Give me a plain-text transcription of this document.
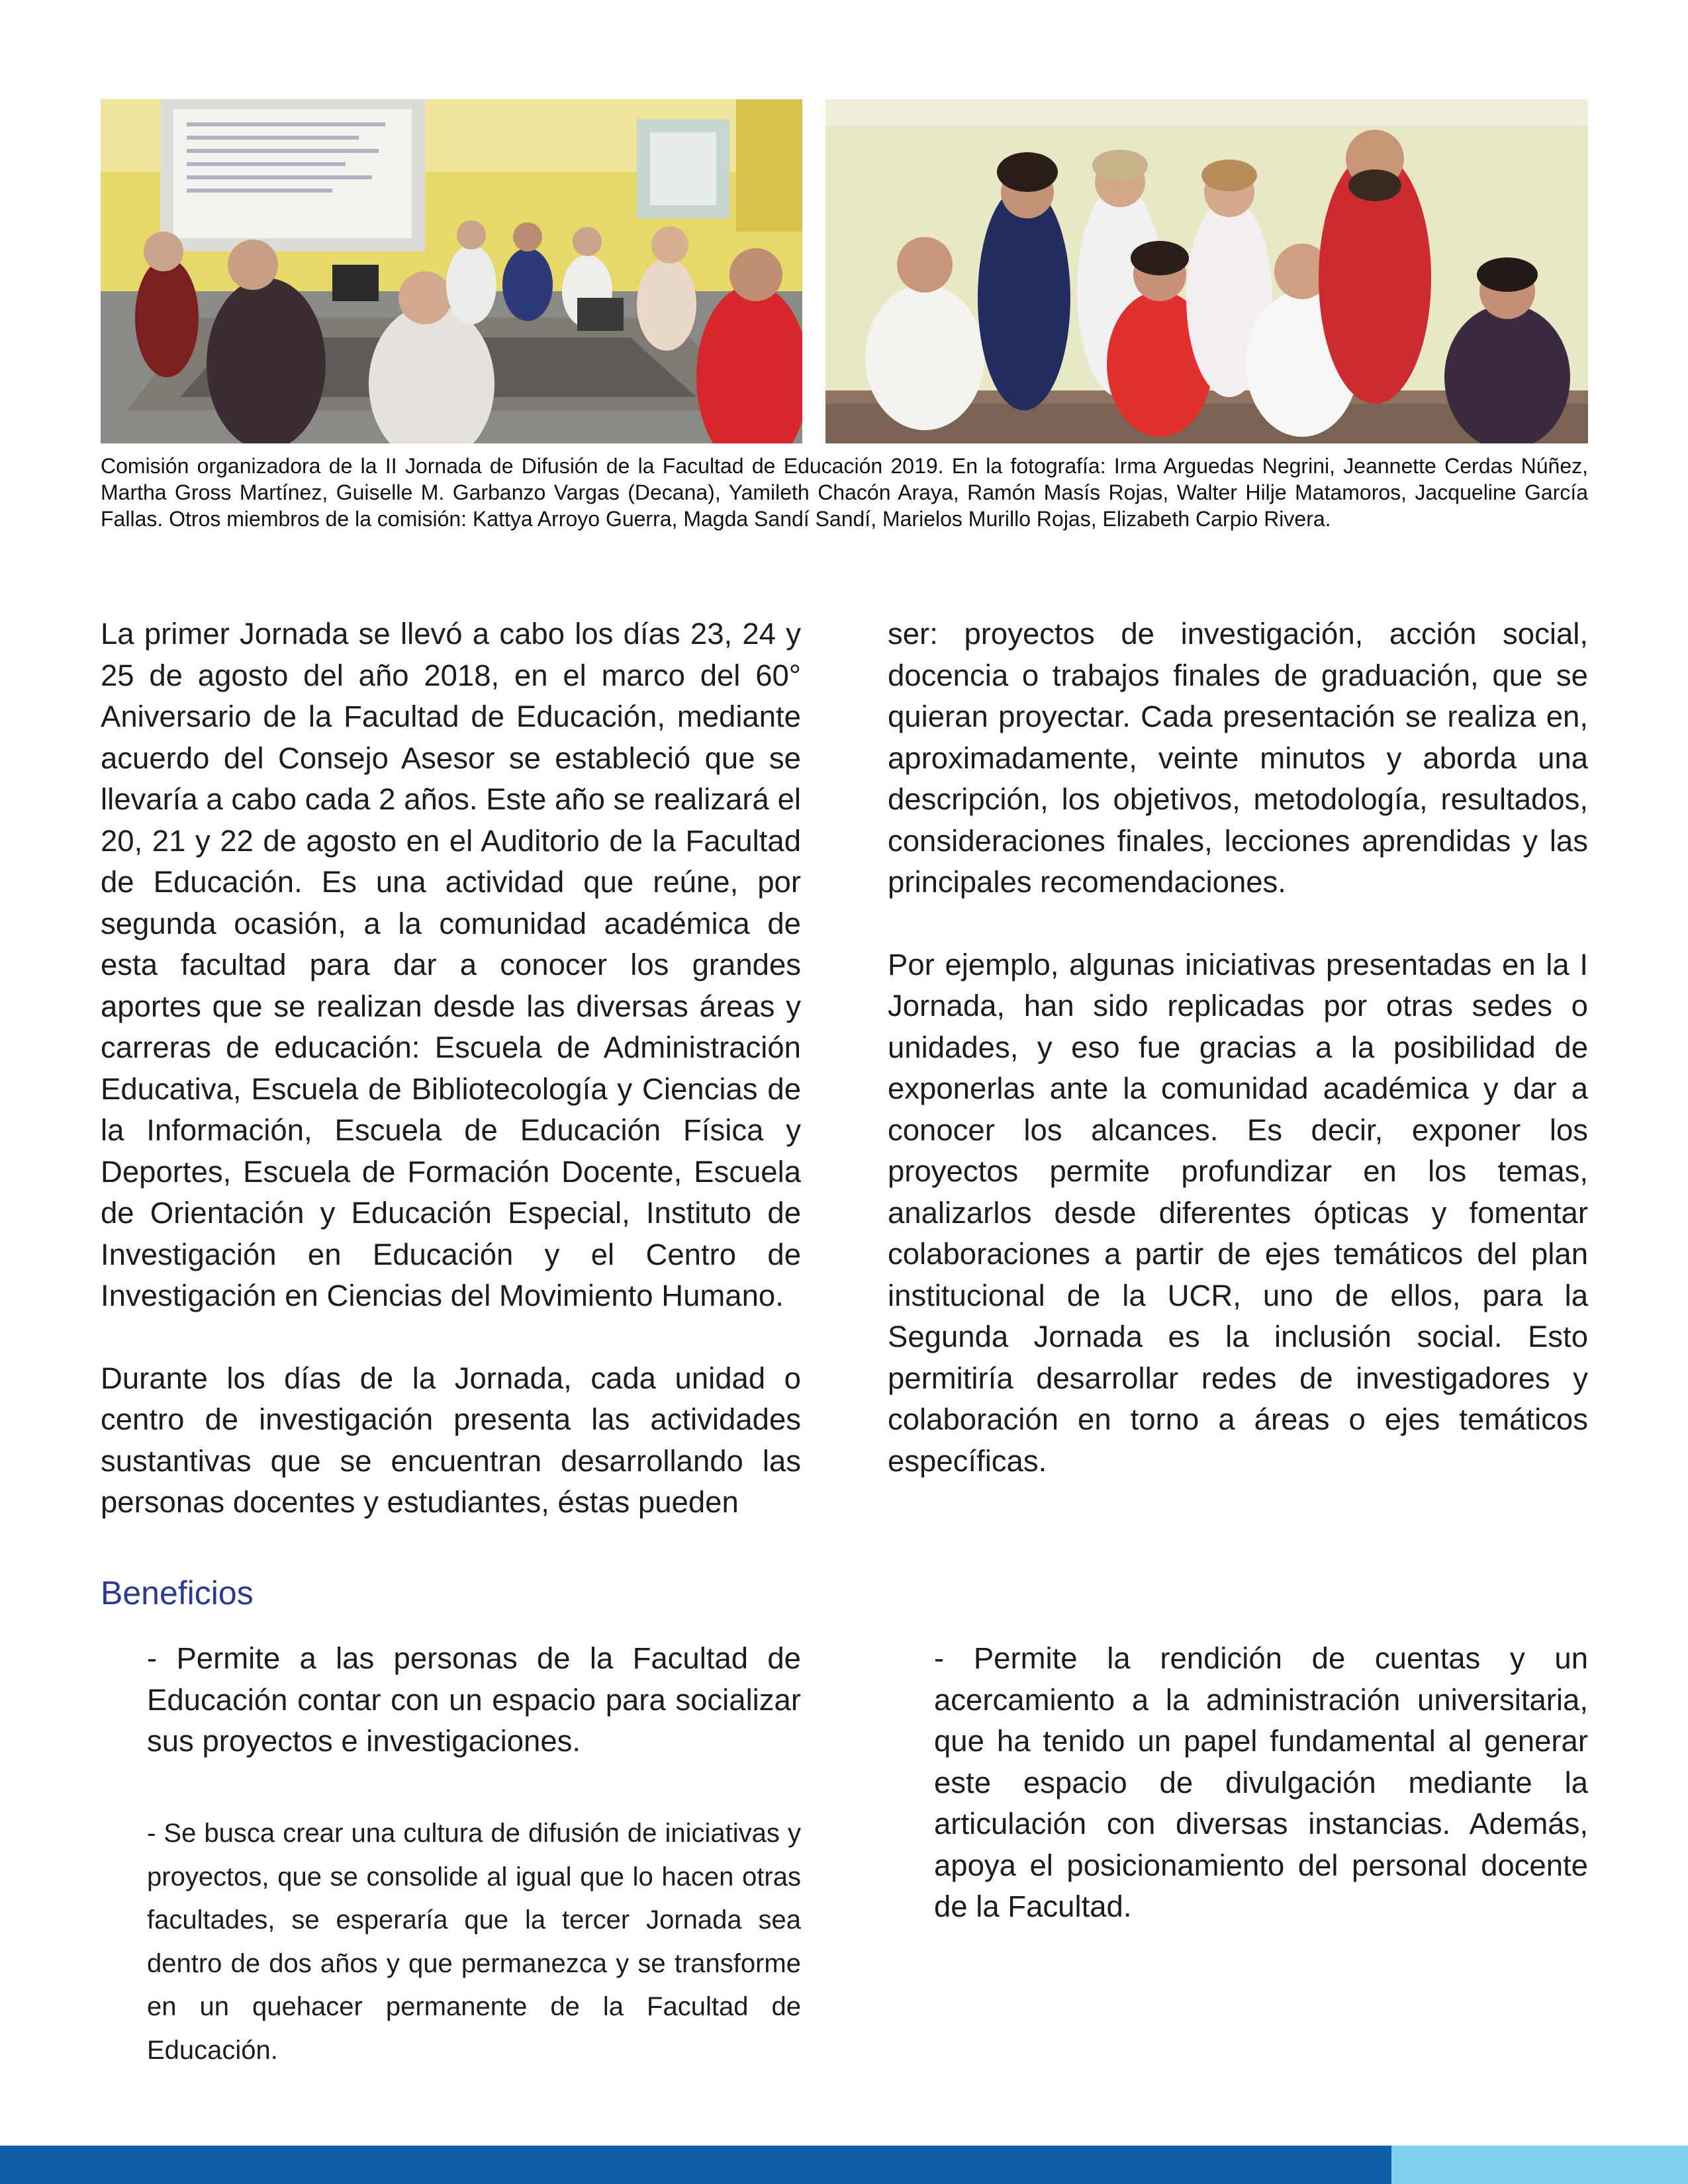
Comisión organizadora de la II Jornada de Difusión de la Facultad de Educación 2019. En la fotografía: Irma Arguedas Negrini, Jeannette Cerdas Núñez, Martha Gross Martínez, Guiselle M. Garbanzo Vargas (Decana), Yamileth Chacón Araya, Ramón Masís Rojas, Walter Hilje Matamoros, Jacqueline García Fallas. Otros miembros de la comisión: Kattya Arroyo Guerra, Magda Sandí Sandí, Marielos Murillo Rojas, Elizabeth Carpio Rivera.

La primer Jornada se llevó a cabo los días 23, 24 y 25 de agosto del año 2018, en el marco del 60° Aniversario de la Facultad de Educación, mediante acuerdo del Consejo Asesor se estableció que se llevaría a cabo cada 2 años. Este año se realizará el 20, 21 y 22 de agosto en el Auditorio de la Facultad de Educación. Es una actividad que reúne, por segunda ocasión, a la comunidad académica de esta facultad para dar a conocer los grandes aportes que se realizan desde las diversas áreas y carreras de educación: Escuela de Administración Educativa, Escuela de Bibliotecología y Ciencias de la Información, Escuela de Educación Física y Deportes, Escuela de Formación Docente, Escuela de Orientación y Educación Especial, Instituto de Investigación en Educación y el Centro de Investigación en Ciencias del Movimiento Humano.

Durante los días de la Jornada, cada unidad o centro de investigación presenta las actividades sustantivas que se encuentran desarrollando las personas docentes y estudiantes, éstas pueden

ser: proyectos de investigación, acción social, docencia o trabajos finales de graduación, que se quieran proyectar. Cada presentación se realiza en, aproximadamente, veinte minutos y aborda una descripción, los objetivos, metodología, resultados, consideraciones finales, lecciones aprendidas y las principales recomendaciones.

Por ejemplo, algunas iniciativas presentadas en la I Jornada, han sido replicadas por otras sedes o unidades, y eso fue gracias a la posibilidad de exponerlas ante la comunidad académica y dar a conocer los alcances. Es decir, exponer los proyectos permite profundizar en los temas, analizarlos desde diferentes ópticas y fomentar colaboraciones a partir de ejes temáticos del plan institucional de la UCR, uno de ellos, para la Segunda Jornada es la inclusión social. Esto permitiría desarrollar redes de investigadores y colaboración en torno a áreas o ejes temáticos específicas.

Beneficios
- Permite a las personas de la Facultad de Educación contar con un espacio para socializar sus proyectos e investigaciones.
- Se busca crear una cultura de difusión de iniciativas y proyectos, que se consolide al igual que lo hacen otras facultades, se esperaría que la tercer Jornada sea dentro de dos años y que permanezca y se transforme en un quehacer permanente de la Facultad de Educación.
- Permite la rendición de cuentas y un acercamiento a la administración universitaria, que ha tenido un papel fundamental al generar este espacio de divulgación mediante la articulación con diversas instancias. Además, apoya el posicionamiento del personal docente de la Facultad.
